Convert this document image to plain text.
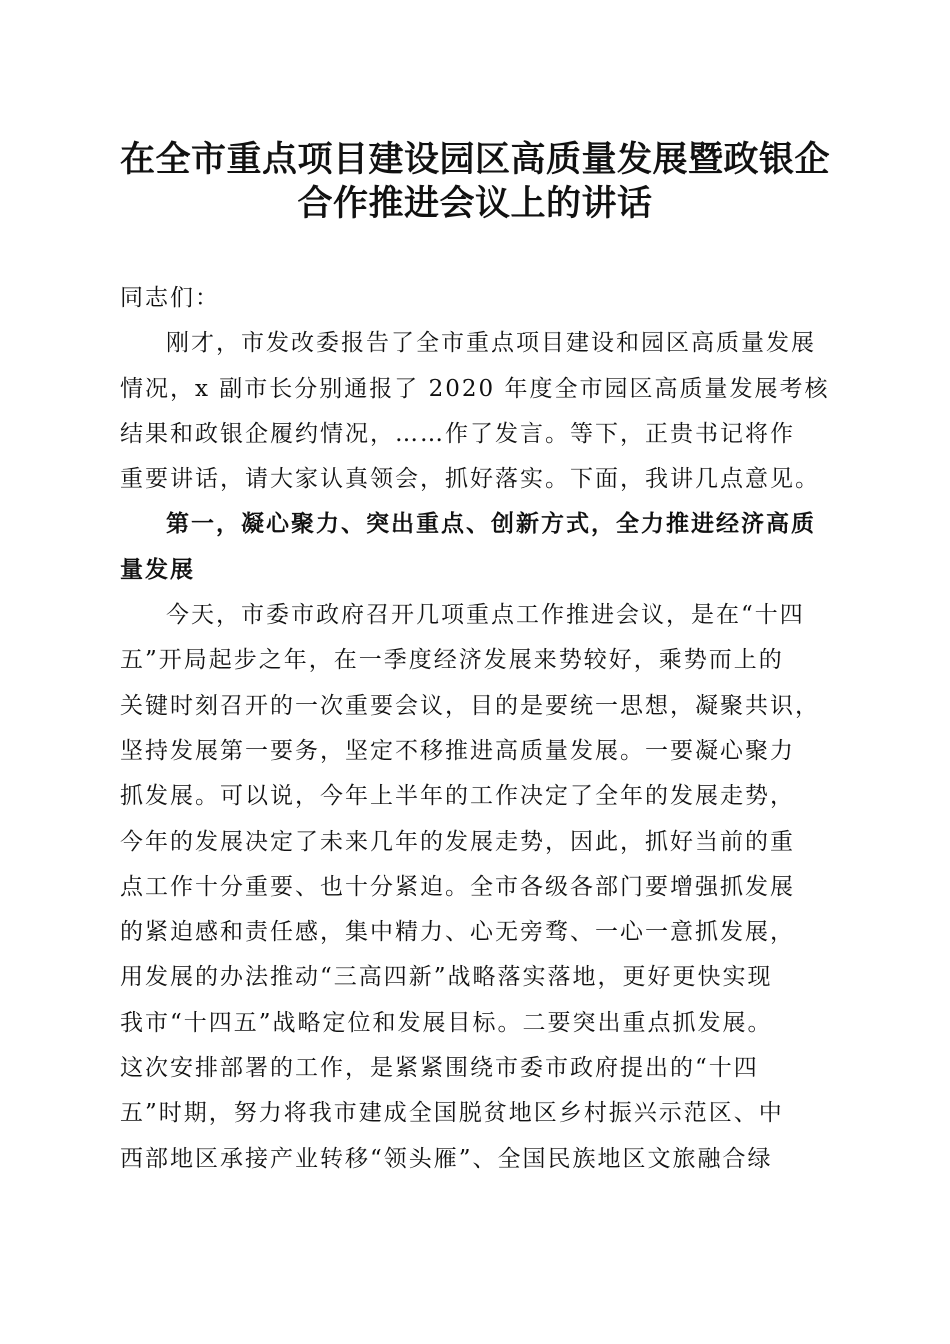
在全市重点项目建设园区高质量发展暨政银企
合作推进会议上的讲话

同志们：

刚才，市发改委报告了全市重点项目建设和园区高质量发展
情况，x 副市长分别通报了 2020 年度全市园区高质量发展考核
结果和政银企履约情况，……作了发言。等下，正贵书记将作
重要讲话，请大家认真领会，抓好落实。下面，我讲几点意见。

第一，凝心聚力、突出重点、创新方式，全力推进经济高质
量发展

今天，市委市政府召开几项重点工作推进会议，是在“十四
五”开局起步之年，在一季度经济发展来势较好，乘势而上的
关键时刻召开的一次重要会议，目的是要统一思想，凝聚共识，
坚持发展第一要务，坚定不移推进高质量发展。一要凝心聚力
抓发展。可以说，今年上半年的工作决定了全年的发展走势，
今年的发展决定了未来几年的发展走势，因此，抓好当前的重
点工作十分重要、也十分紧迫。全市各级各部门要增强抓发展
的紧迫感和责任感，集中精力、心无旁骛、一心一意抓发展，
用发展的办法推动“三高四新”战略落实落地，更好更快实现
我市“十四五”战略定位和发展目标。二要突出重点抓发展。
这次安排部署的工作，是紧紧围绕市委市政府提出的“十四
五”时期，努力将我市建成全国脱贫地区乡村振兴示范区、中
西部地区承接产业转移“领头雁”、全国民族地区文旅融合绿
